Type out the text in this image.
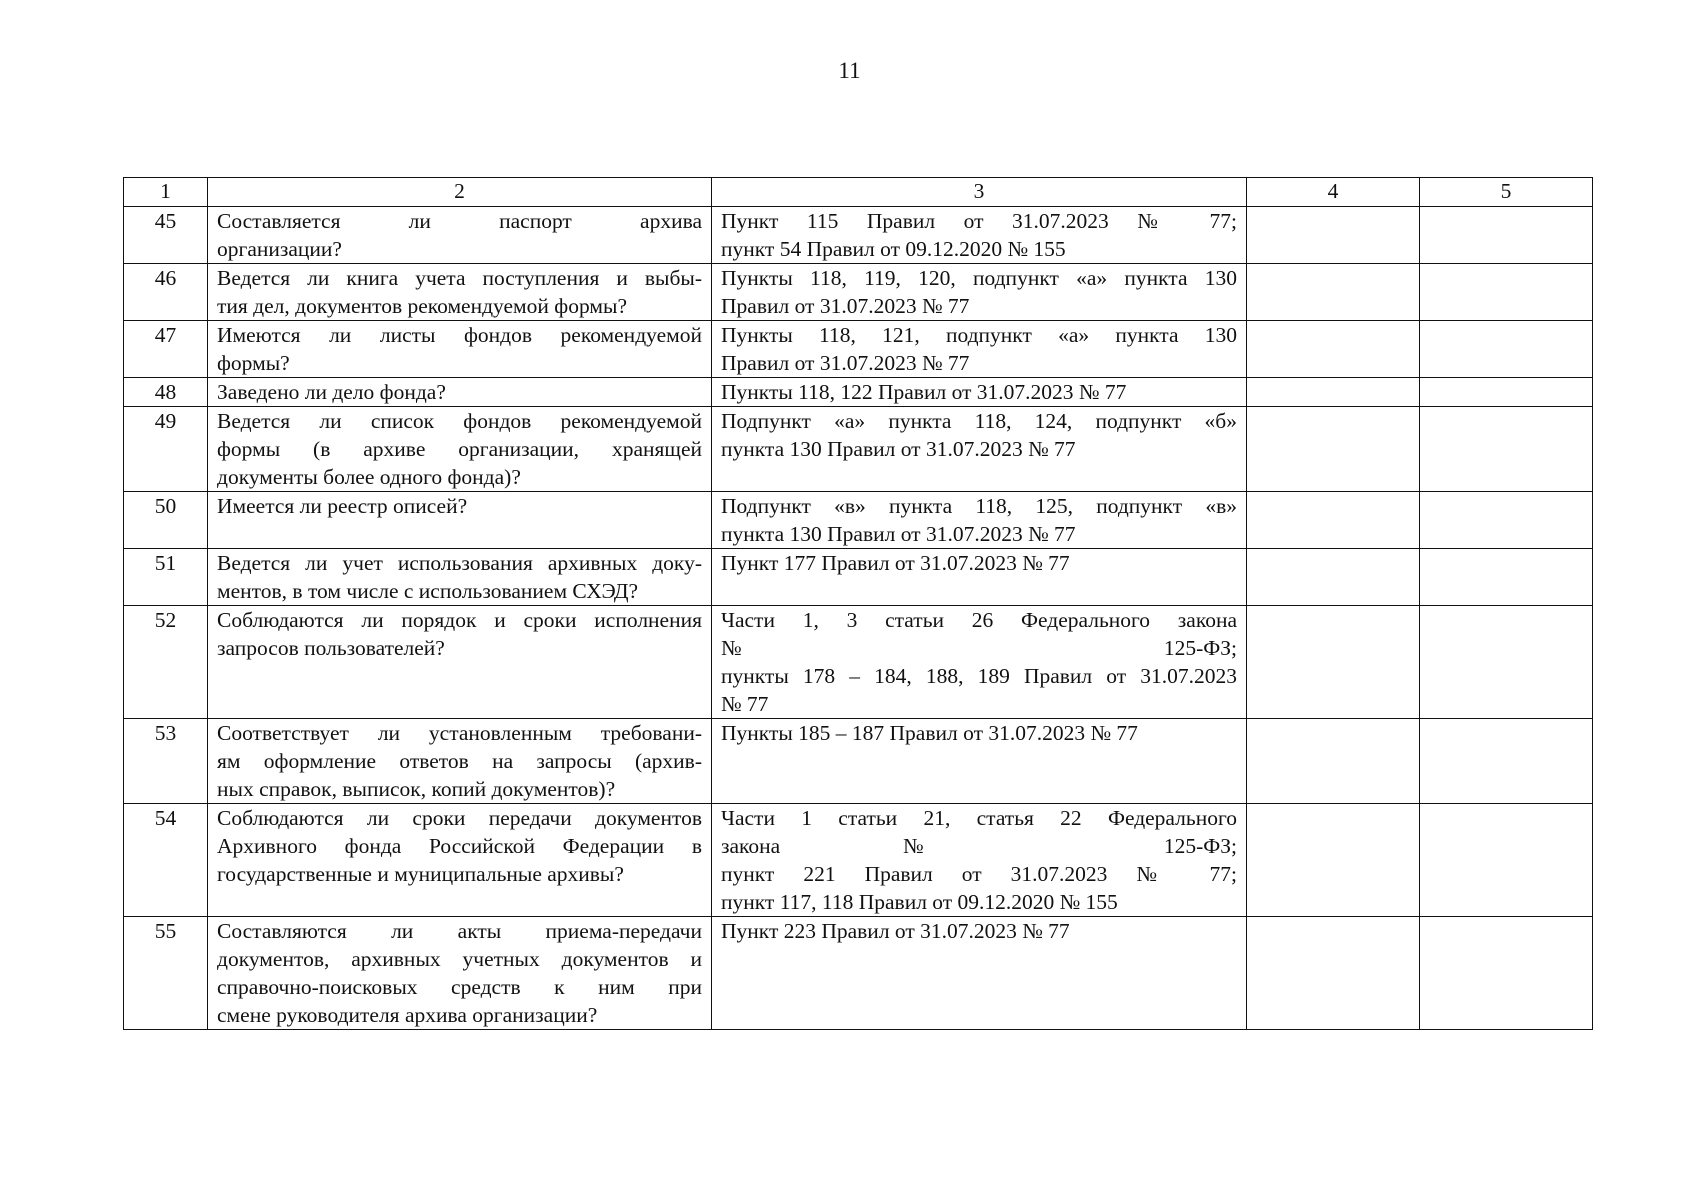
11
1	2	3	4	5
45	Составляется ли паспорт архива
организации?	Пункт 115 Правил от 31.07.2023 № 77;
пункт 54 Правил от 09.12.2020 № 155		

46	Ведется ли книга учета поступления и выбы-
тия дел, документов рекомендуемой формы?	Пункты 118, 119, 120, подпункт «а» пункта 130
Правил от 31.07.2023 № 77		

47	Имеются ли листы фондов рекомендуемой
формы?	Пункты 118, 121, подпункт «а» пункта 130
Правил от 31.07.2023 № 77		

48	Заведено ли дело фонда?	Пункты 118, 122 Правил от 31.07.2023 № 77		

49	Ведется ли список фондов рекомендуемой
формы (в архиве организации, хранящей
документы более одного фонда)?	Подпункт «а» пункта 118, 124, подпункт «б»
пункта 130 Правил от 31.07.2023 № 77		

50	Имеется ли реестр описей?	Подпункт «в» пункта 118, 125, подпункт «в»
пункта 130 Правил от 31.07.2023 № 77		

51	Ведется ли учет использования архивных доку-
ментов, в том числе с использованием СХЭД?	Пункт 177 Правил от 31.07.2023 № 77		

52	Соблюдаются ли порядок и сроки исполнения
запросов пользователей?	Части 1, 3 статьи 26 Федерального закона
№ 125-ФЗ;
пункты 178 – 184, 188, 189 Правил от 31.07.2023
№ 77		

53	Соответствует ли установленным требовани-
ям оформление ответов на запросы (архив-
ных справок, выписок, копий документов)?	Пункты 185 – 187 Правил от 31.07.2023 № 77		

54	Соблюдаются ли сроки передачи документов
Архивного фонда Российской Федерации в
государственные и муниципальные архивы?	Части 1 статьи 21, статья 22 Федерального
закона № 125-ФЗ;
пункт 221 Правил от 31.07.2023 № 77;
пункт 117, 118 Правил от 09.12.2020 № 155		

55	Составляются ли акты приема-передачи
документов, архивных учетных документов и
справочно-поисковых средств к ним при
смене руководителя архива организации?	Пункт 223 Правил от 31.07.2023 № 77		
